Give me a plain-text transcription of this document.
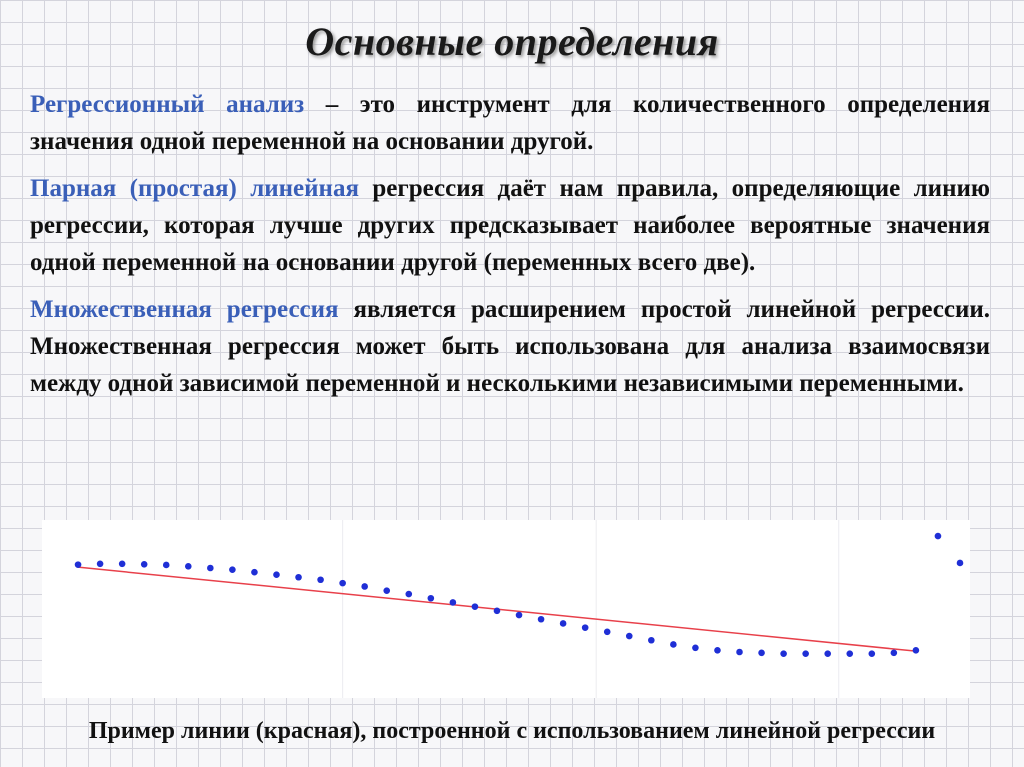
Основные определения

Регрессионный анализ – это инструмент для количественного определения значения одной переменной на основании другой.

Парная (простая) линейная регрессия даёт нам правила, определяющие линию регрессии, которая лучше других предсказывает наиболее вероятные значения одной переменной на основании другой (переменных всего две).

Множественная регрессия является расширением простой линейной регрессии. Множественная регрессия может быть использована для анализа взаимосвязи между одной зависимой переменной и несколькими независимыми переменными.

Пример линии (красная), построенной с использованием линейной регрессии
